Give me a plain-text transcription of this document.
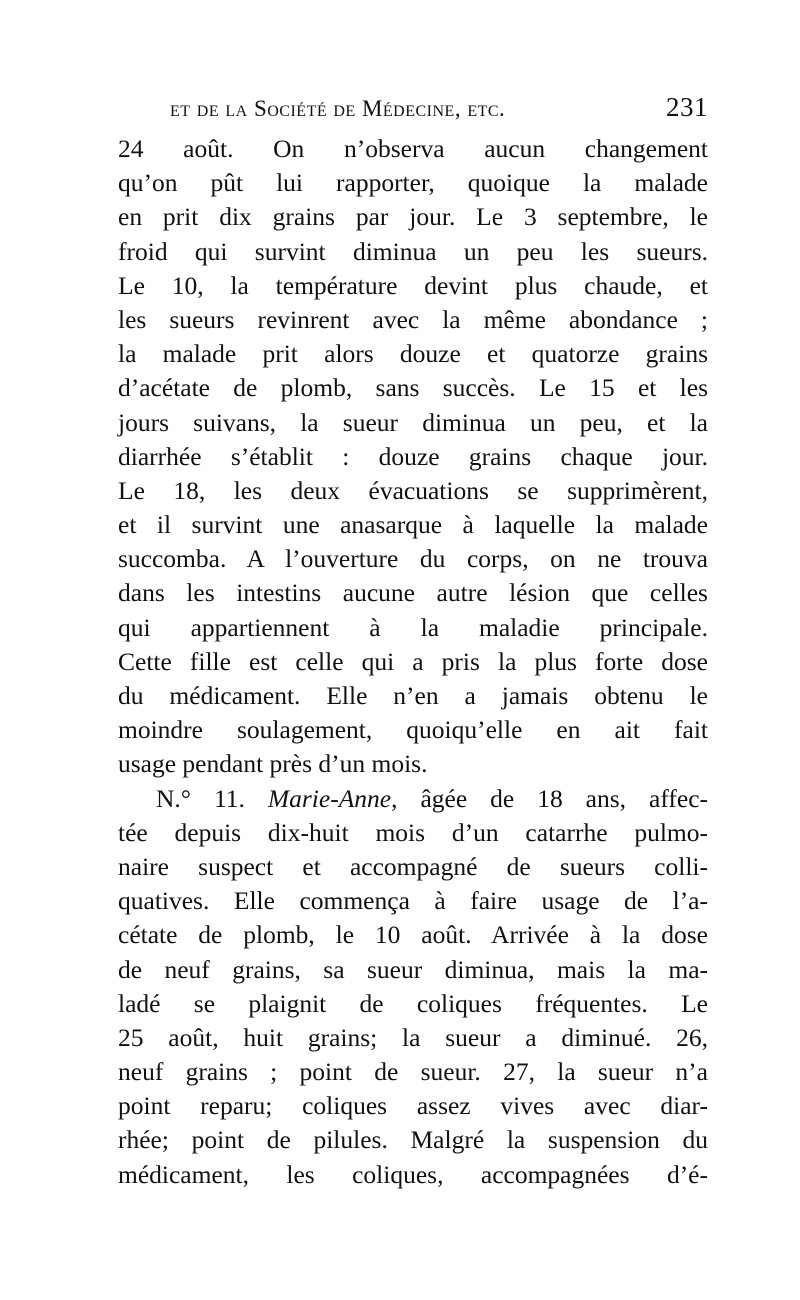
et de la Société de Médecine, etc.	231
24 août. On n’observa aucun changement
qu’on pût lui rapporter, quoique la malade
en prit dix grains par jour. Le 3 septembre, le
froid qui survint diminua un peu les sueurs.
Le 10, la température devint plus chaude, et
les sueurs revinrent avec la même abondance ;
la malade prit alors douze et quatorze grains
d’acétate de plomb, sans succès. Le 15 et les
jours suivans, la sueur diminua un peu, et la
diarrhée s’établit : douze grains chaque jour.
Le 18, les deux évacuations se supprimèrent,
et il survint une anasarque à laquelle la malade
succomba. A l’ouverture du corps, on ne trouva
dans les intestins aucune autre lésion que celles
qui appartiennent à la maladie principale.
Cette fille est celle qui a pris la plus forte dose
du médicament. Elle n’en a jamais obtenu le
moindre soulagement, quoiqu’elle en ait fait
usage pendant près d’un mois.
N.° 11. Marie-Anne, âgée de 18 ans, affec-
tée depuis dix-huit mois d’un catarrhe pulmo-
naire suspect et accompagné de sueurs colli-
quatives. Elle commença à faire usage de l’a-
cétate de plomb, le 10 août. Arrivée à la dose
de neuf grains, sa sueur diminua, mais la ma-
ladé se plaignit de coliques fréquentes. Le
25 août, huit grains; la sueur a diminué. 26,
neuf grains ; point de sueur. 27, la sueur n’a
point reparu; coliques assez vives avec diar-
rhée; point de pilules. Malgré la suspension du
médicament, les coliques, accompagnées d’é-
